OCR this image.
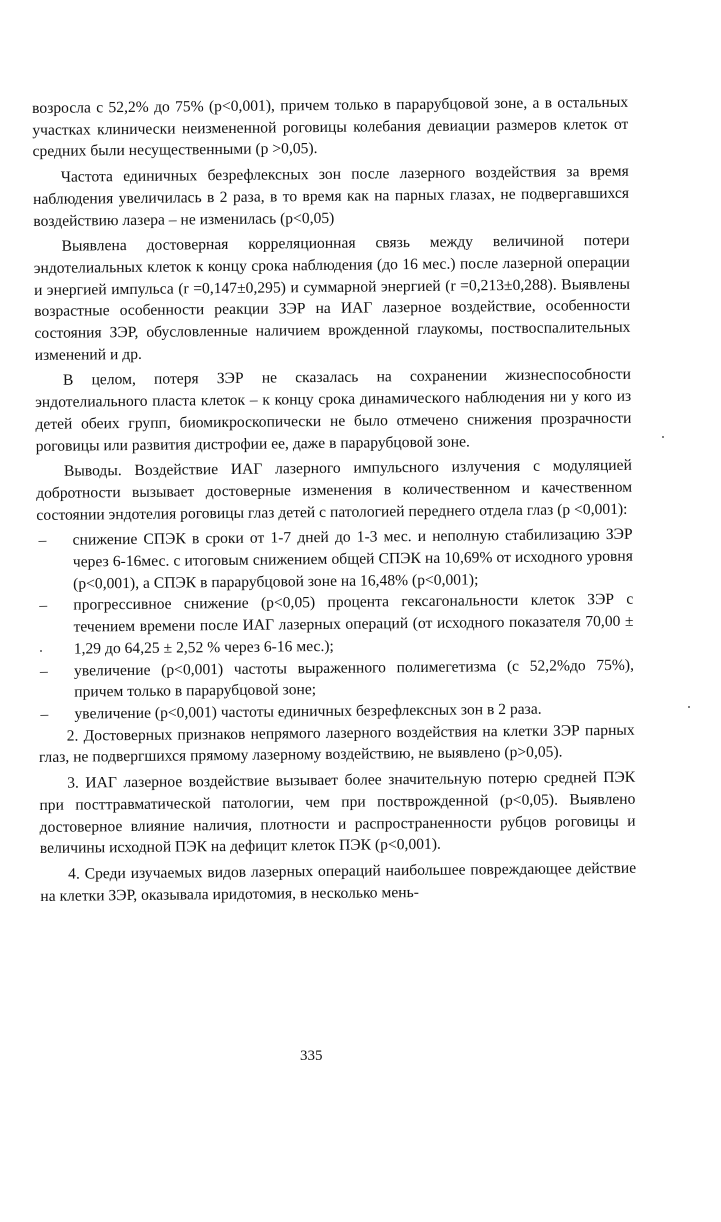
возросла с 52,2% до 75% (р<0,001), причем только в парарубцовой зоне, а в остальных участках клинически неизмененной роговицы колебания девиации размеров клеток от средних были несущественными (р >0,05).

Частота единичных безрефлексных зон после лазерного воздействия за время наблюдения увеличилась в 2 раза, в то время как на парных глазах, не подвергавшихся воздействию лазера – не изменилась (р<0,05)

Выявлена достоверная корреляционная связь между величиной потери эндотелиальных клеток к концу срока наблюдения (до 16 мес.) после лазерной операции и энергией импульса (r =0,147±0,295) и суммарной энергией (r =0,213±0,288). Выявлены возрастные особенности реакции ЗЭР на ИАГ лазерное воздействие, особенности состояния ЗЭР, обусловленные наличием врожденной глаукомы, поствоспалительных изменений и др.

В целом, потеря ЗЭР не сказалась на сохранении жизнеспособности эндотелиального пласта клеток – к концу срока динамического наблюдения ни у кого из детей обеих групп, биомикроскопически не было отмечено снижения прозрачности роговицы или развития дистрофии ее, даже в парарубцовой зоне.

Выводы. Воздействие ИАГ лазерного импульсного излучения с модуляцией добротности вызывает достоверные изменения в количественном и качественном состоянии эндотелия роговицы глаз детей с патологией переднего отдела глаз (р <0,001):

– снижение СПЭК в сроки от 1-7 дней до 1-3 мес. и неполную стабилизацию ЗЭР через 6-16мес. с итоговым снижением общей СПЭК на 10,69% от исходного уровня (р<0,001), а СПЭК в парарубцовой зоне на 16,48% (р<0,001);
– прогрессивное снижение (р<0,05) процента гексагональности клеток ЗЭР с течением времени после ИАГ лазерных операций (от исходного показателя 70,00 ± 1,29 до 64,25 ± 2,52 % через 6-16 мес.);
– увеличение (р<0,001) частоты выраженного полимегетизма (с 52,2%до 75%), причем только в парарубцовой зоне;
– увеличение (р<0,001) частоты единичных безрефлексных зон в 2 раза.

2. Достоверных признаков непрямого лазерного воздействия на клетки ЗЭР парных глаз, не подвергшихся прямому лазерному воздействию, не выявлено (р>0,05).

3. ИАГ лазерное воздействие вызывает более значительную потерю средней ПЭК при посттравматической патологии, чем при постврожденной (р<0,05). Выявлено достоверное влияние наличия, плотности и распространенности рубцов роговицы и величины исходной ПЭК на дефицит клеток ПЭК (р<0,001).

4. Среди изучаемых видов лазерных операций наибольшее повреждающее действие на клетки ЗЭР, оказывала иридотомия, в несколько мень-

335
